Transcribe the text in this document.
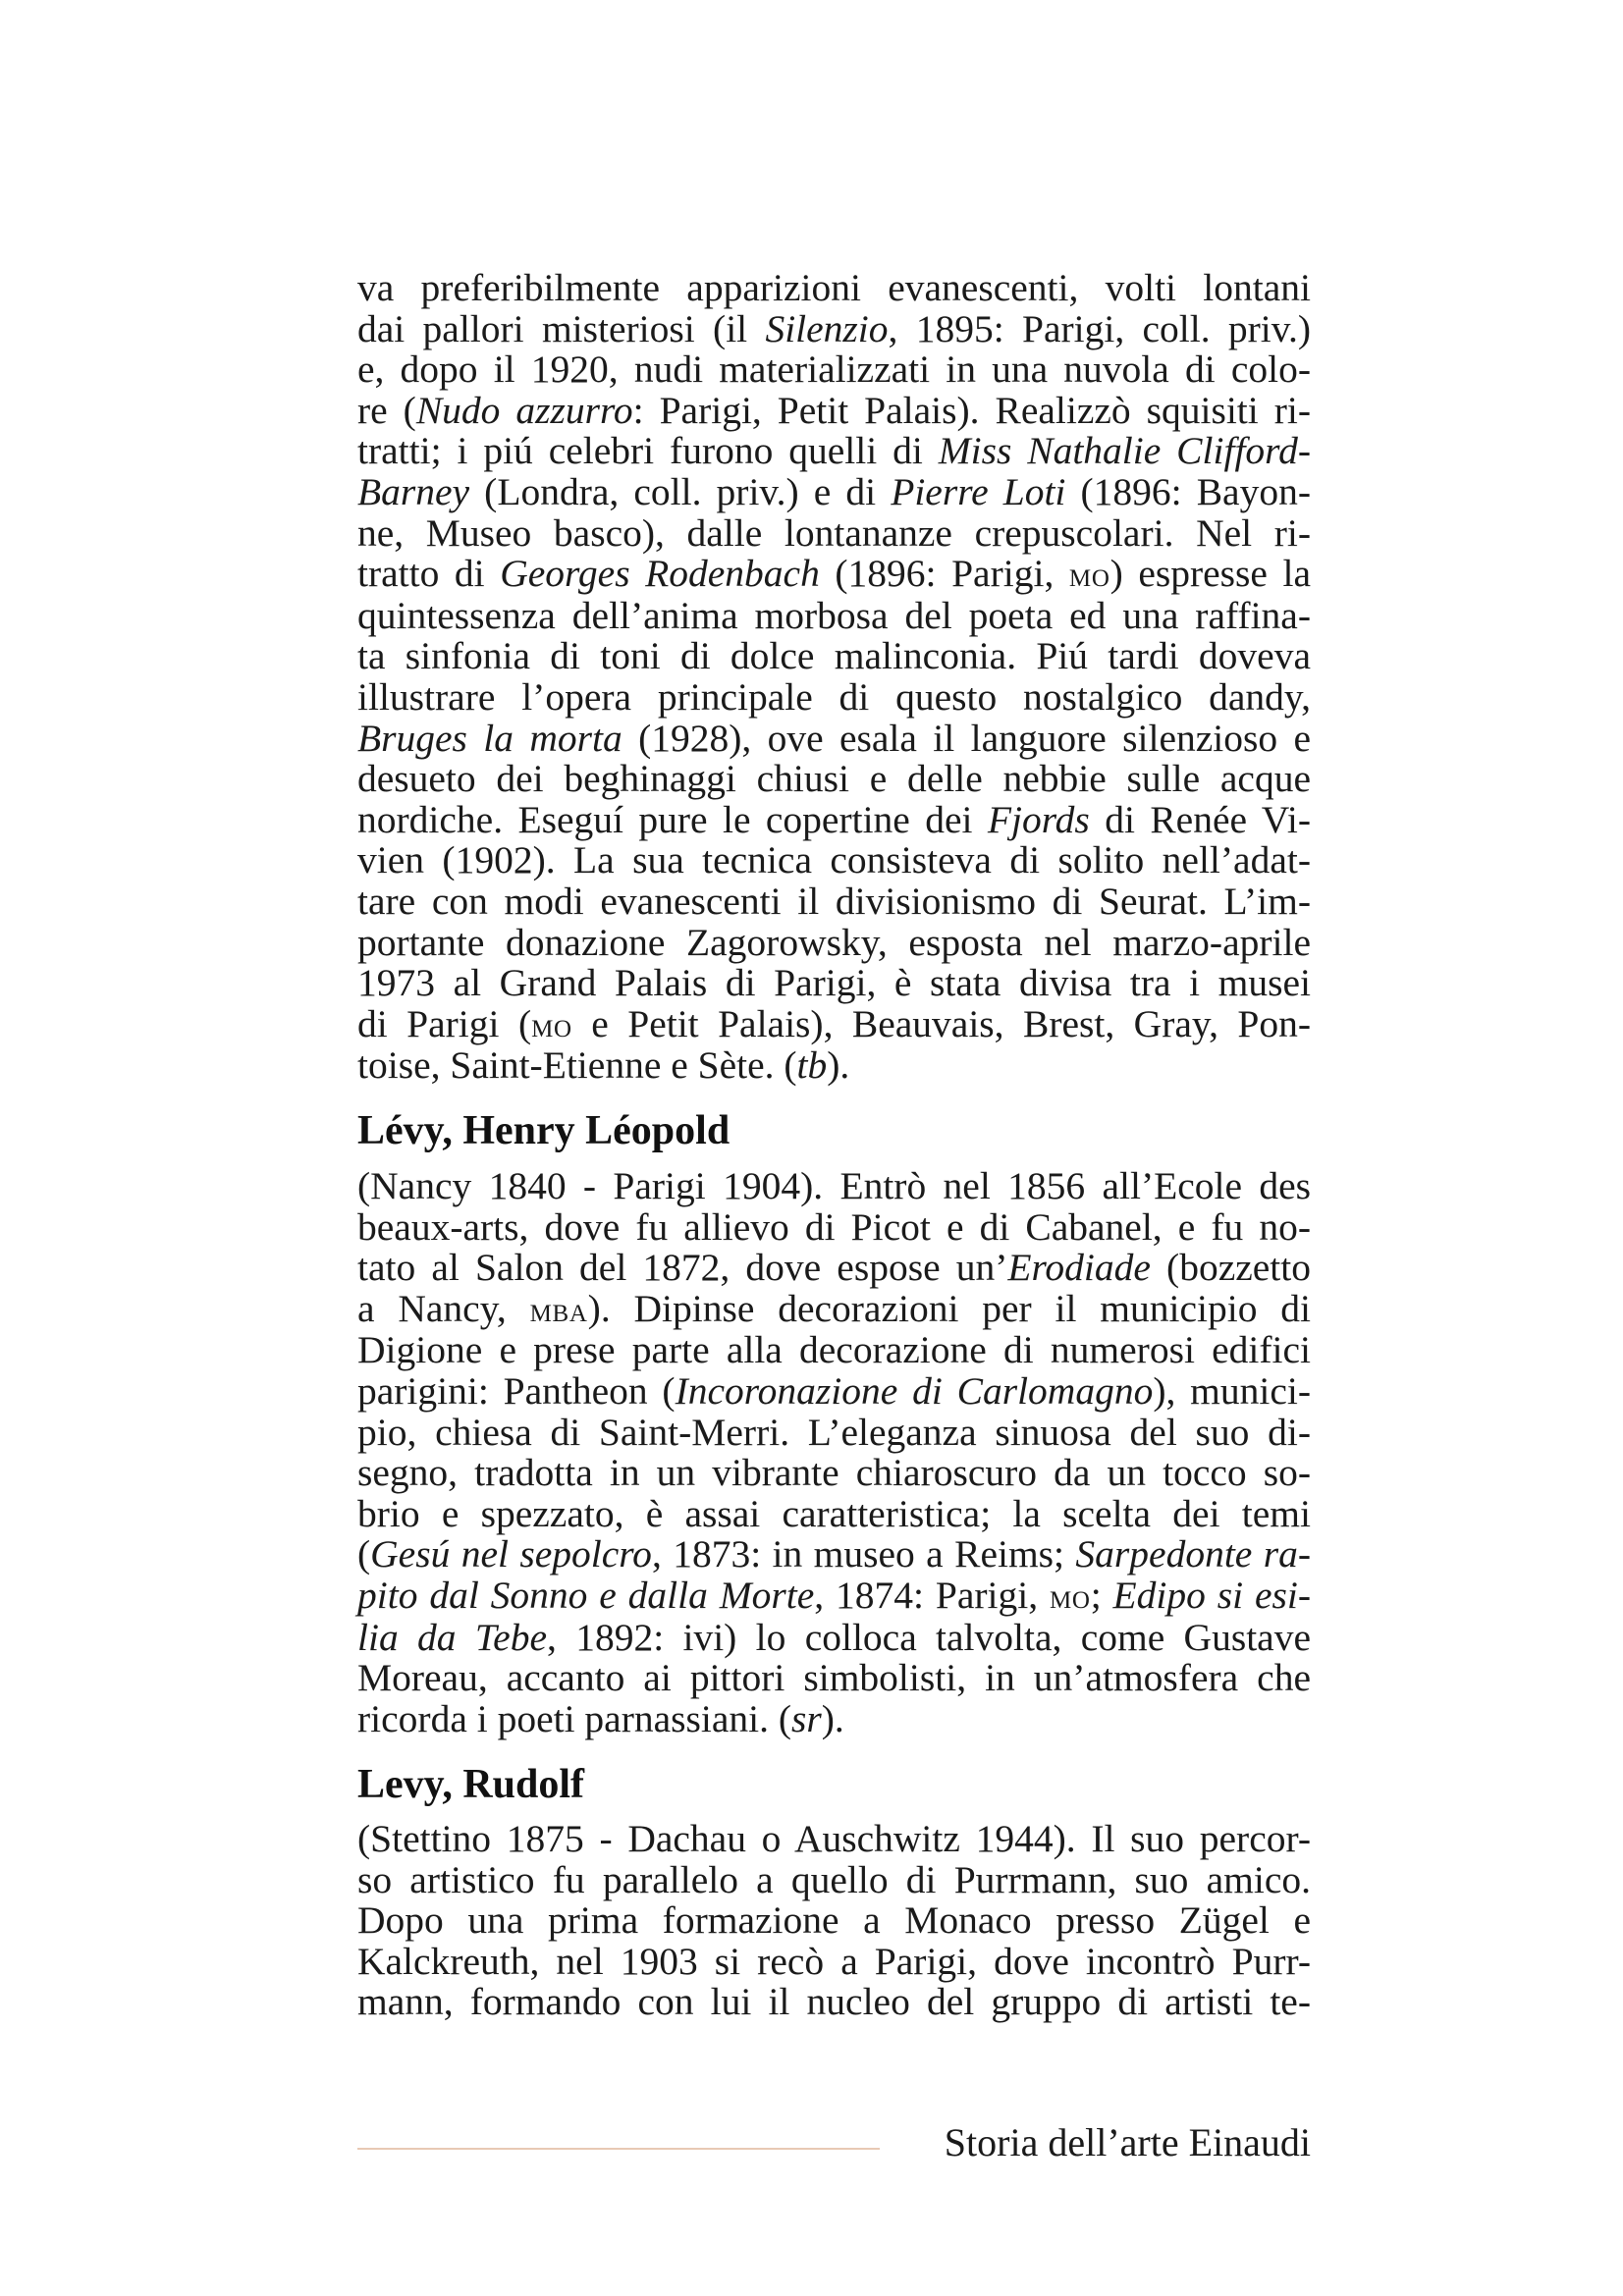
va preferibilmente apparizioni evanescenti, volti lontani
dai pallori misteriosi (il Silenzio, 1895: Parigi, coll. priv.)
e, dopo il 1920, nudi materializzati in una nuvola di colo-
re (Nudo azzurro: Parigi, Petit Palais). Realizzò squisiti ri-
tratti; i piú celebri furono quelli di Miss Nathalie Clifford-
Barney (Londra, coll. priv.) e di Pierre Loti (1896: Bayon-
ne, Museo basco), dalle lontananze crepuscolari. Nel ri-
tratto di Georges Rodenbach (1896: Parigi, mo) espresse la
quintessenza dell’anima morbosa del poeta ed una raffina-
ta sinfonia di toni di dolce malinconia. Piú tardi doveva
illustrare l’opera principale di questo nostalgico dandy,
Bruges la morta (1928), ove esala il languore silenzioso e
desueto dei beghinaggi chiusi e delle nebbie sulle acque
nordiche. Eseguí pure le copertine dei Fjords di Renée Vi-
vien (1902). La sua tecnica consisteva di solito nell’adat-
tare con modi evanescenti il divisionismo di Seurat. L’im-
portante donazione Zagorowsky, esposta nel marzo-aprile
1973 al Grand Palais di Parigi, è stata divisa tra i musei
di Parigi (mo e Petit Palais), Beauvais, Brest, Gray, Pon-
toise, Saint-Etienne e Sète. (tb).
Lévy, Henry Léopold
(Nancy 1840 - Parigi 1904). Entrò nel 1856 all’Ecole des
beaux-arts, dove fu allievo di Picot e di Cabanel, e fu no-
tato al Salon del 1872, dove espose un’Erodiade (bozzetto
a Nancy, mba). Dipinse decorazioni per il municipio di
Digione e prese parte alla decorazione di numerosi edifici
parigini: Pantheon (Incoronazione di Carlomagno), munici-
pio, chiesa di Saint-Merri. L’eleganza sinuosa del suo di-
segno, tradotta in un vibrante chiaroscuro da un tocco so-
brio e spezzato, è assai caratteristica; la scelta dei temi
(Gesú nel sepolcro, 1873: in museo a Reims; Sarpedonte ra-
pito dal Sonno e dalla Morte, 1874: Parigi, mo; Edipo si esi-
lia da Tebe, 1892: ivi) lo colloca talvolta, come Gustave
Moreau, accanto ai pittori simbolisti, in un’atmosfera che
ricorda i poeti parnassiani. (sr).
Levy, Rudolf
(Stettino 1875 - Dachau o Auschwitz 1944). Il suo percor-
so artistico fu parallelo a quello di Purrmann, suo amico.
Dopo una prima formazione a Monaco presso Zügel e
Kalckreuth, nel 1903 si recò a Parigi, dove incontrò Purr-
mann, formando con lui il nucleo del gruppo di artisti te-
Storia dell’arte Einaudi
